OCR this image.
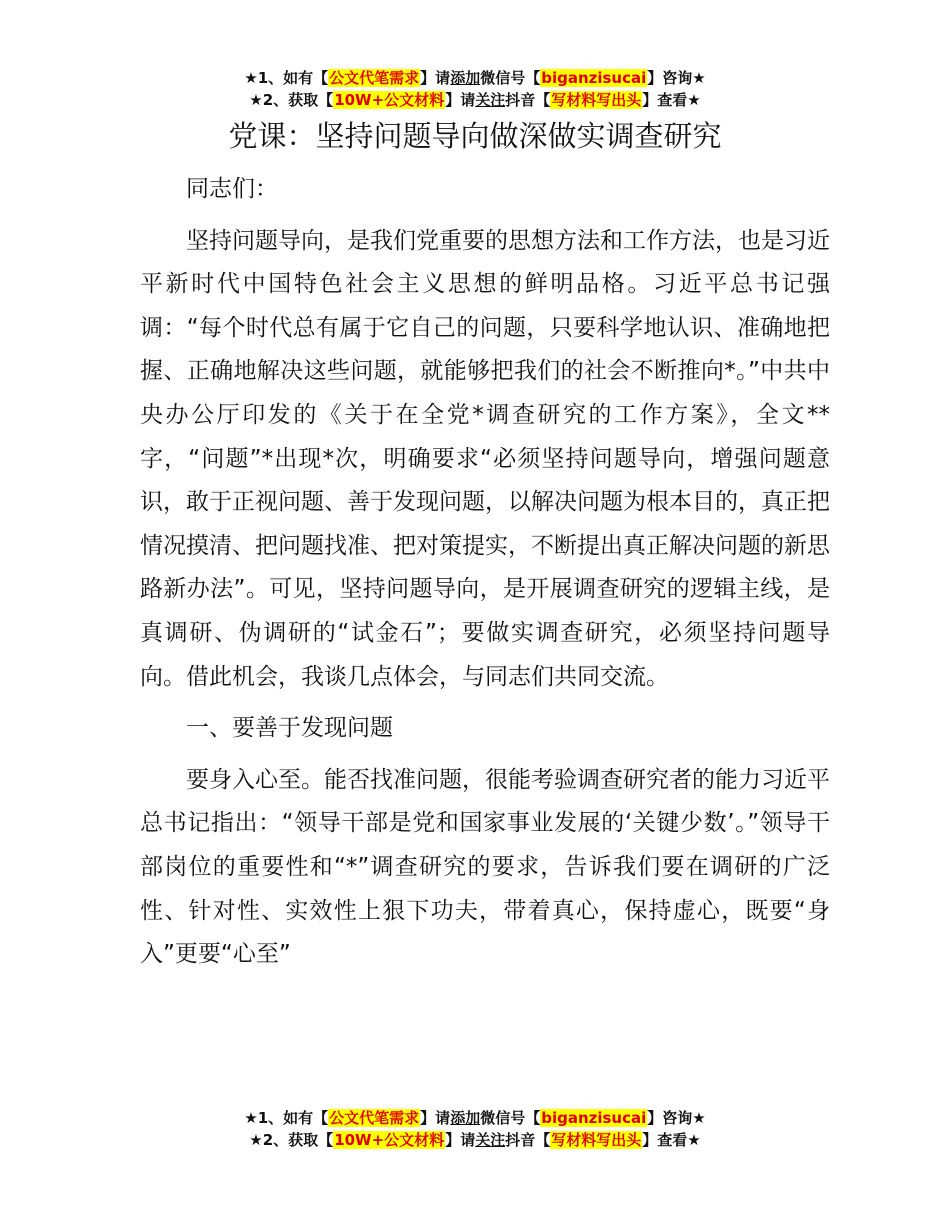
★1、如有【公文代笔需求】请添加微信号【biganzisucai】咨询★
★2、获取【10W+公文材料】请关注抖音【写材料写出头】查看★
党课：坚持问题导向做深做实调查研究

同志们：

坚持问题导向，是我们党重要的思想方法和工作方法，也是习近平新时代中国特色社会主义思想的鲜明品格。习近平总书记强调：“每个时代总有属于它自己的问题，只要科学地认识、准确地把握、正确地解决这些问题，就能够把我们的社会不断推向*。”中共中央办公厅印发的《关于在全党*调查研究的工作方案》，全文**字，“问题”*出现*次，明确要求“必须坚持问题导向，增强问题意识，敢于正视问题、善于发现问题，以解决问题为根本目的，真正把情况摸清、把问题找准、把对策提实，不断提出真正解决问题的新思路新办法”。可见，坚持问题导向，是开展调查研究的逻辑主线，是真调研、伪调研的“试金石”；要做实调查研究，必须坚持问题导向。借此机会，我谈几点体会，与同志们共同交流。

一、要善于发现问题

要身入心至。能否找准问题，很能考验调查研究者的能力习近平总书记指出：“领导干部是党和国家事业发展的‘关键少数’。”领导干部岗位的重要性和“*”调查研究的要求，告诉我们要在调研的广泛性、针对性、实效性上狠下功夫，带着真心，保持虚心，既要“身入”更要“心至”

★1、如有【公文代笔需求】请添加微信号【biganzisucai】咨询★
★2、获取【10W+公文材料】请关注抖音【写材料写出头】查看★
